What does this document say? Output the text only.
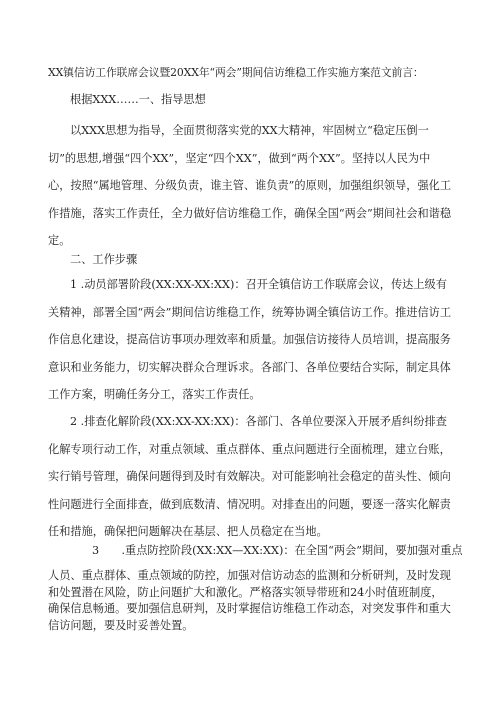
XX镇信访工作联席会议暨20XX年“两会”期间信访维稳工作实施方案范文前言：

根据XXX……一、指导思想

以XXX思想为指导，全面贯彻落实党的XX大精神，牢固树立“稳定压倒一切”的思想,增强“四个XX”，坚定“四个XX”，做到“两个XX”。坚持以人民为中心，按照“属地管理、分级负责，谁主管、谁负责”的原则，加强组织领导，强化工作措施，落实工作责任，全力做好信访维稳工作，确保全国“两会”期间社会和谐稳定。

二、工作步骤

1 .动员部署阶段(XX:XX-XX:XX)：召开全镇信访工作联席会议，传达上级有关精神，部署全国“两会”期间信访维稳工作，统筹协调全镇信访工作。推进信访工作信息化建设，提高信访事项办理效率和质量。加强信访接待人员培训，提高服务意识和业务能力，切实解决群众合理诉求。各部门、各单位要结合实际，制定具体工作方案，明确任务分工，落实工作责任。

2 .排查化解阶段(XX:XX-XX:XX)：各部门、各单位要深入开展矛盾纠纷排查化解专项行动工作，对重点领域、重点群体、重点问题进行全面梳理，建立台账，实行销号管理，确保问题得到及时有效解决。对可能影响社会稳定的苗头性、倾向性问题进行全面排查，做到底数清、情况明。对排查出的问题，要逐一落实化解责任和措施，确保把问题解决在基层、把人员稳定在当地。

3　　.重点防控阶段(XX:XX—XX:XX)：在全国“两会”期间，要加强对重点

人员、重点群体、重点领域的防控，加强对信访动态的监测和分析研判，及时发现和处置潜在风险，防止问题扩大和激化。严格落实领导带班和24小时值班制度，确保信息畅通。要加强信息研判，及时掌握信访维稳工作动态，对突发事件和重大信访问题，要及时妥善处置。
